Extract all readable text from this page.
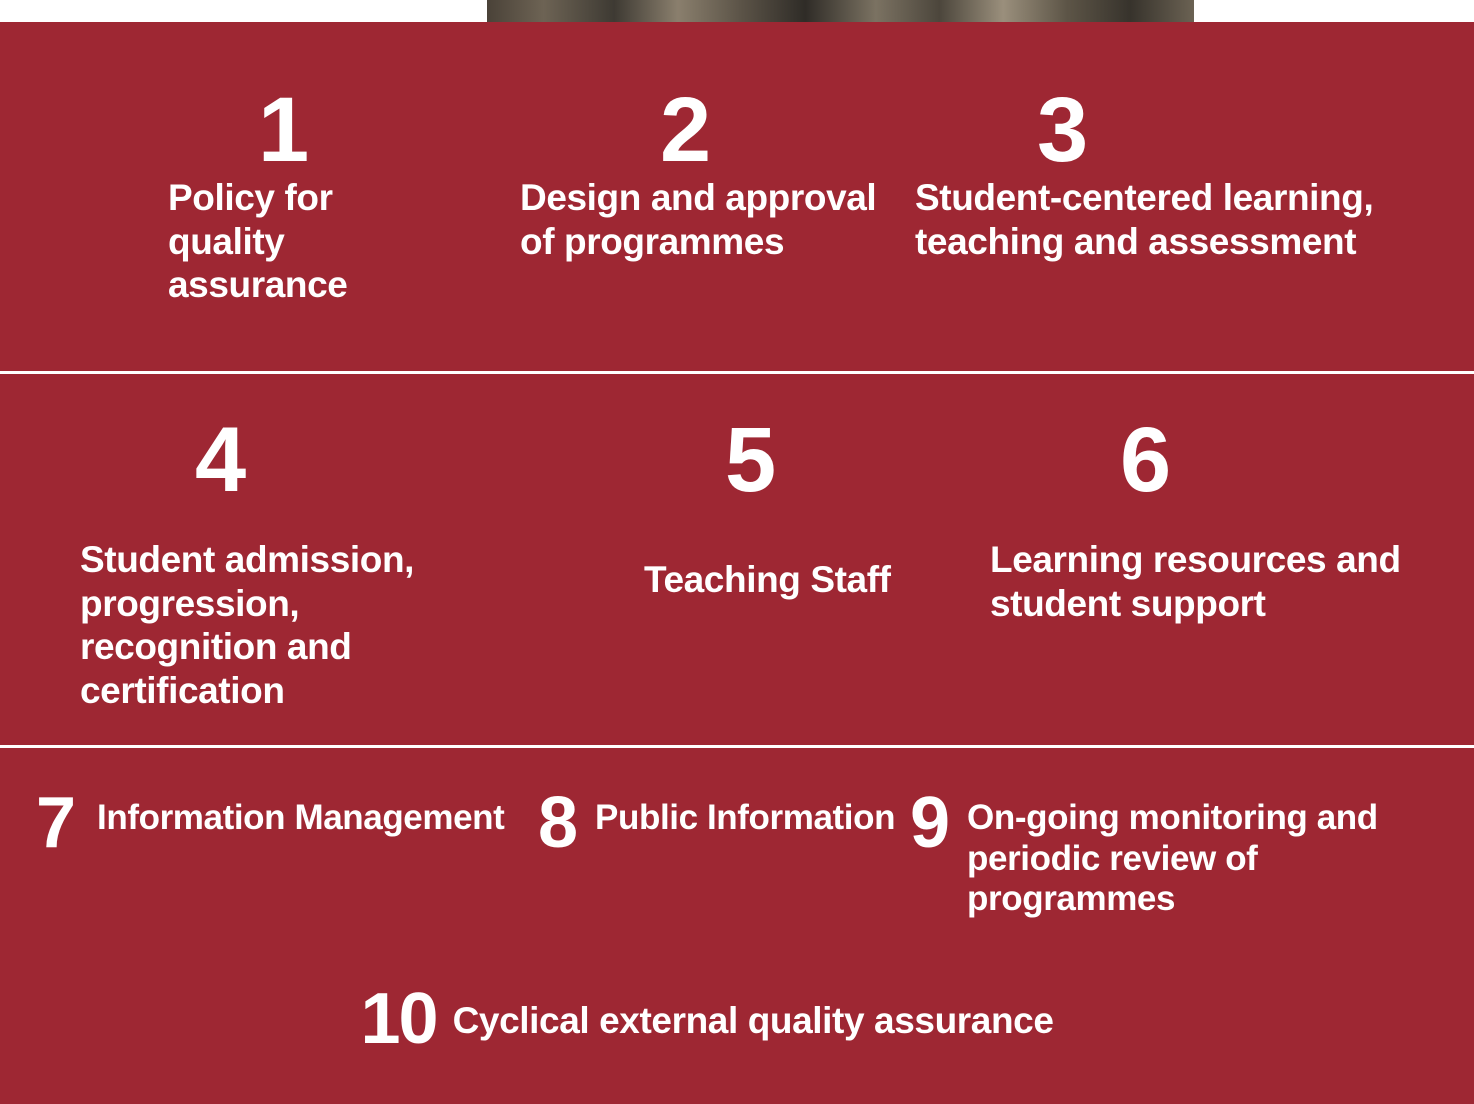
1
Policy for quality assurance
2
Design and approval of programmes
3
Student-centered learning, teaching and assessment
4
Student admission, progression, recognition and certification
5
Teaching Staff
6
Learning resources and student support
7 Information Management 8 Public Information 9 On-going monitoring and periodic review of programmes
10 Cyclical external quality assurance
